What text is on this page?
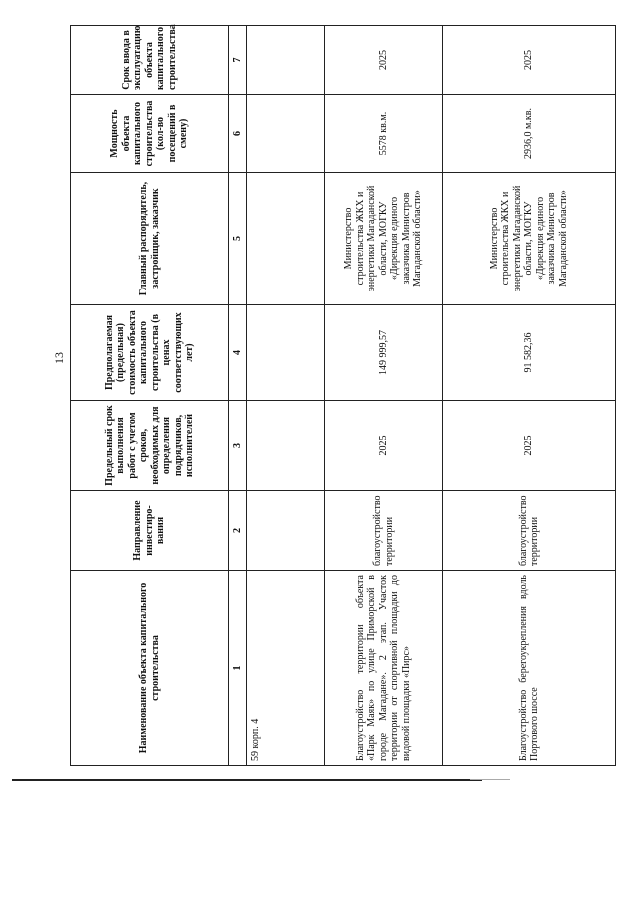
13
Наименование объекта капитального строительства	Направление инвестиро-вания	Предельный срок выполнения работ с учетом сроков, необходимых для определения подрядчиков, исполнителей	Предполагаемая (предельная) стоимость объекта капитального строительства (в ценах соответствующих лет)	Главный распорядитель, застройщик, заказчик	Мощность объекта капитального строительства (кол-во посещений в смену)	Срок ввода в эксплуатацию объекта капитального строительства
1	2	3	4	5	6	7
59 корп. 4						
Благоустройство территории объекта «Парк Маяк» по улице Приморской в городе Магадане». 2 этап. Участок территории от спортивной площадки до видовой площадки «Пирс»	благоустройство территории	2025	149 999,57	Министерство строительства ЖКХ и энергетики Магаданской области, МОГКУ «Дирекция единого заказчика Министров Магаданской области»	5578 кв.м.	2025
Благоустройство берегоукрепления вдоль Портового шоссе	благоустройство территории	2025	91 582,36	Министерство строительства ЖКХ и энергетики Магаданской области, МОГКУ «Дирекция единого заказчика Министров Магаданской области»	2936,0 м.кв.	2025
